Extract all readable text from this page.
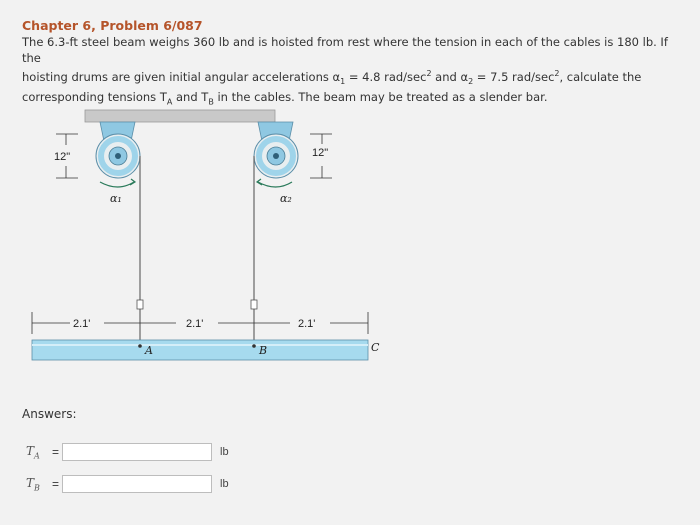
Chapter 6, Problem 6/087
The 6.3-ft steel beam weighs 360 lb and is hoisted from rest where the tension in each of the cables is 180 lb. If the
hoisting drums are given initial angular accelerations $\alpha_1 = 4.8$ rad/$\sec^2$ and $\alpha_2 = 7.5$ rad/$\sec^2$, calculate the
corresponding tensions $T_A$ and $T_B$ in the cables. The beam may be treated as a slender bar.
α₁	α₂
12"	12"
2.1'	2.1'	2.1'
A	B	C
Answers:
$T_A$	=	lb
$T_B$	=	lb
